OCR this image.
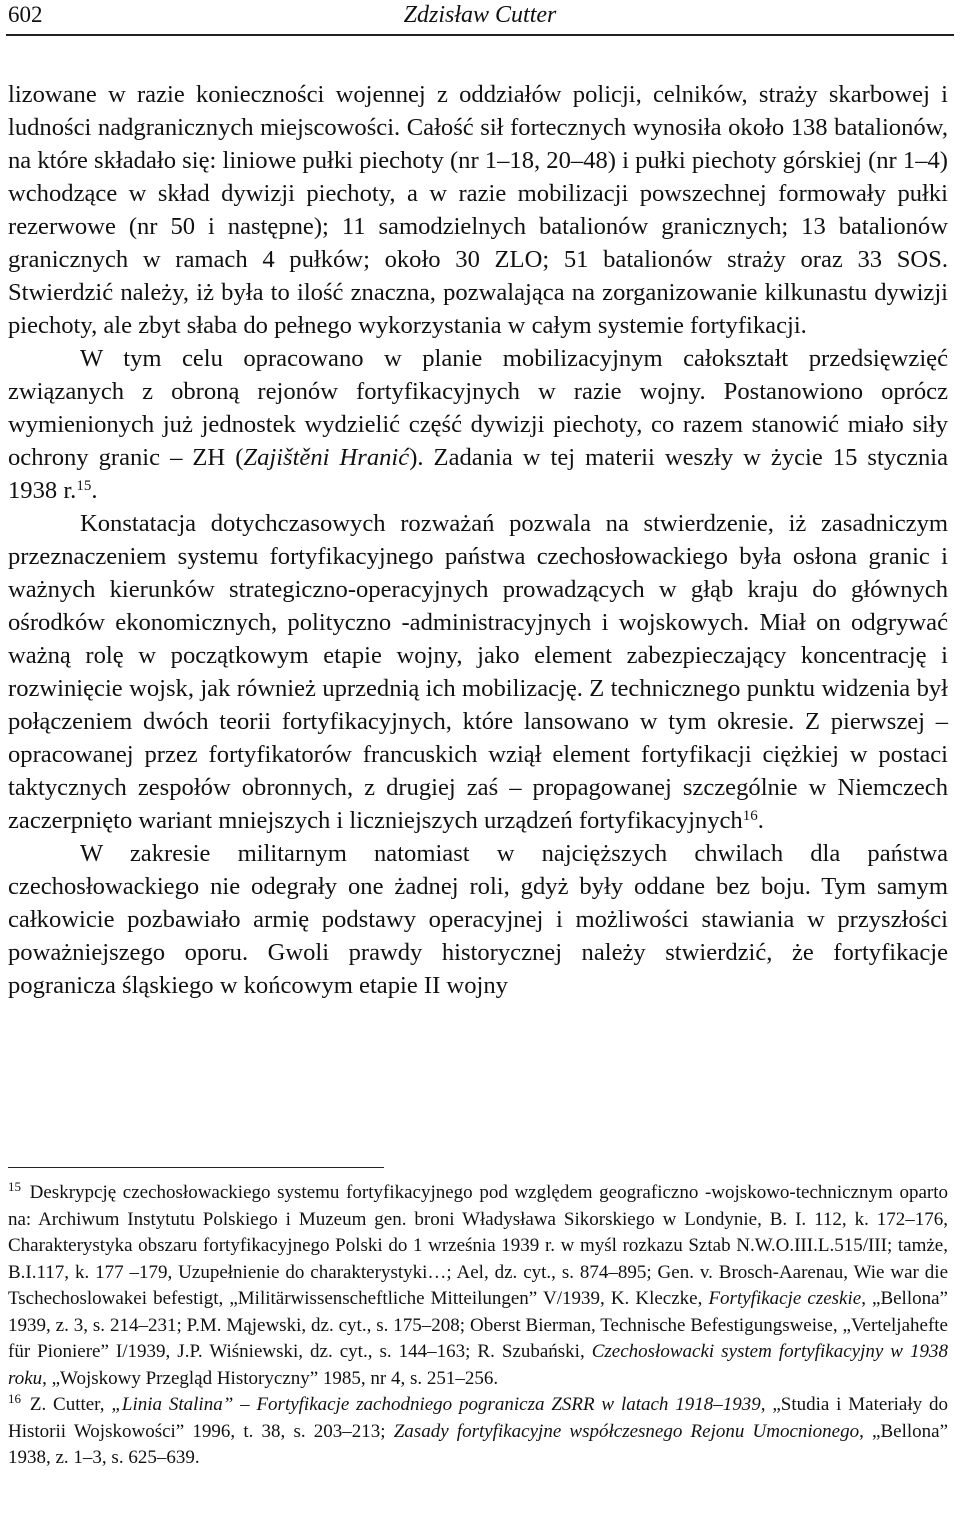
602	Zdzisław Cutter

lizowane w razie konieczności wojennej z oddziałów policji, celników, straży skarbowej i ludności nadgranicznych miejscowości. Całość sił fortecznych wynosiła około 138 batalionów, na które składało się: liniowe pułki piechoty (nr 1–18, 20–48) i pułki piechoty górskiej (nr 1–4) wchodzące w skład dywizji piechoty, a w razie mobilizacji powszechnej formowały pułki rezerwowe (nr 50 i następne); 11 samodzielnych batalionów granicznych; 13 batalionów granicznych w ramach 4 pułków; około 30 ZLO; 51 batalionów straży oraz 33 SOS. Stwierdzić należy, iż była to ilość znaczna, pozwalająca na zorganizowanie kilkunastu dywizji piechoty, ale zbyt słaba do pełnego wykorzystania w całym systemie fortyfikacji.

W tym celu opracowano w planie mobilizacyjnym całokształt przedsięwzięć związanych z obroną rejonów fortyfikacyjnych w razie wojny. Postanowiono oprócz wymienionych już jednostek wydzielić część dywizji piechoty, co razem stanowić miało siły ochrony granic – ZH (Zajištěni Hranić). Zadania w tej materii weszły w życie 15 stycznia 1938 r.$^{15}$.

Konstatacja dotychczasowych rozważań pozwala na stwierdzenie, iż zasadniczym przeznaczeniem systemu fortyfikacyjnego państwa czechosłowackiego była osłona granic i ważnych kierunków strategiczno-operacyjnych prowadzących w głąb kraju do głównych ośrodków ekonomicznych, polityczno -administracyjnych i wojskowych. Miał on odgrywać ważną rolę w początkowym etapie wojny, jako element zabezpieczający koncentrację i rozwinięcie wojsk, jak również uprzednią ich mobilizację. Z technicznego punktu widzenia był połączeniem dwóch teorii fortyfikacyjnych, które lansowano w tym okresie. Z pierwszej – opracowanej przez fortyfikatorów francuskich wziął element fortyfikacji ciężkiej w postaci taktycznych zespołów obronnych, z drugiej zaś – propagowanej szczególnie w Niemczech zaczerpnięto wariant mniejszych i liczniejszych urządzeń fortyfikacyjnych$^{16}$.

W zakresie militarnym natomiast w najcięższych chwilach dla państwa czechosłowackiego nie odegrały one żadnej roli, gdyż były oddane bez boju. Tym samym całkowicie pozbawiało armię podstawy operacyjnej i możliwości stawiania w przyszłości poważniejszego oporu. Gwoli prawdy historycznej należy stwierdzić, że fortyfikacje pogranicza śląskiego w końcowym etapie II wojny

$^{15}$ Deskrypcję czechosłowackiego systemu fortyfikacyjnego pod względem geograficzno -wojskowo-technicznym oparto na: Archiwum Instytutu Polskiego i Muzeum gen. broni Władysława Sikorskiego w Londynie, B. I. 112, k. 172–176, Charakterystyka obszaru fortyfikacyjnego Polski do 1 września 1939 r. w myśl rozkazu Sztab N.W.O.III.L.515/III; tamże, B.I.117, k. 177 –179, Uzupełnienie do charakterystyki…; Ael, dz. cyt., s. 874–895; Gen. v. Brosch-Aarenau, Wie war die Tschechoslowakei befestigt, „Militärwissenscheftliche Mitteilungen” V/1939, K. Kleczke, Fortyfikacje czeskie, „Bellona” 1939, z. 3, s. 214–231; P.M. Mąjewski, dz. cyt., s. 175–208; Oberst Bierman, Technische Befestigungsweise, „Verteljahefte für Pioniere” I/1939, J.P. Wiśniewski, dz. cyt., s. 144–163; R. Szubański, Czechosłowacki system fortyfikacyjny w 1938 roku, „Wojskowy Przegląd Historyczny” 1985, nr 4, s. 251–256.

$^{16}$ Z. Cutter, „Linia Stalina” – Fortyfikacje zachodniego pogranicza ZSRR w latach 1918–1939, „Studia i Materiały do Historii Wojskowości” 1996, t. 38, s. 203–213; Zasady fortyfikacyjne współczesnego Rejonu Umocnionego, „Bellona” 1938, z. 1–3, s. 625–639.
